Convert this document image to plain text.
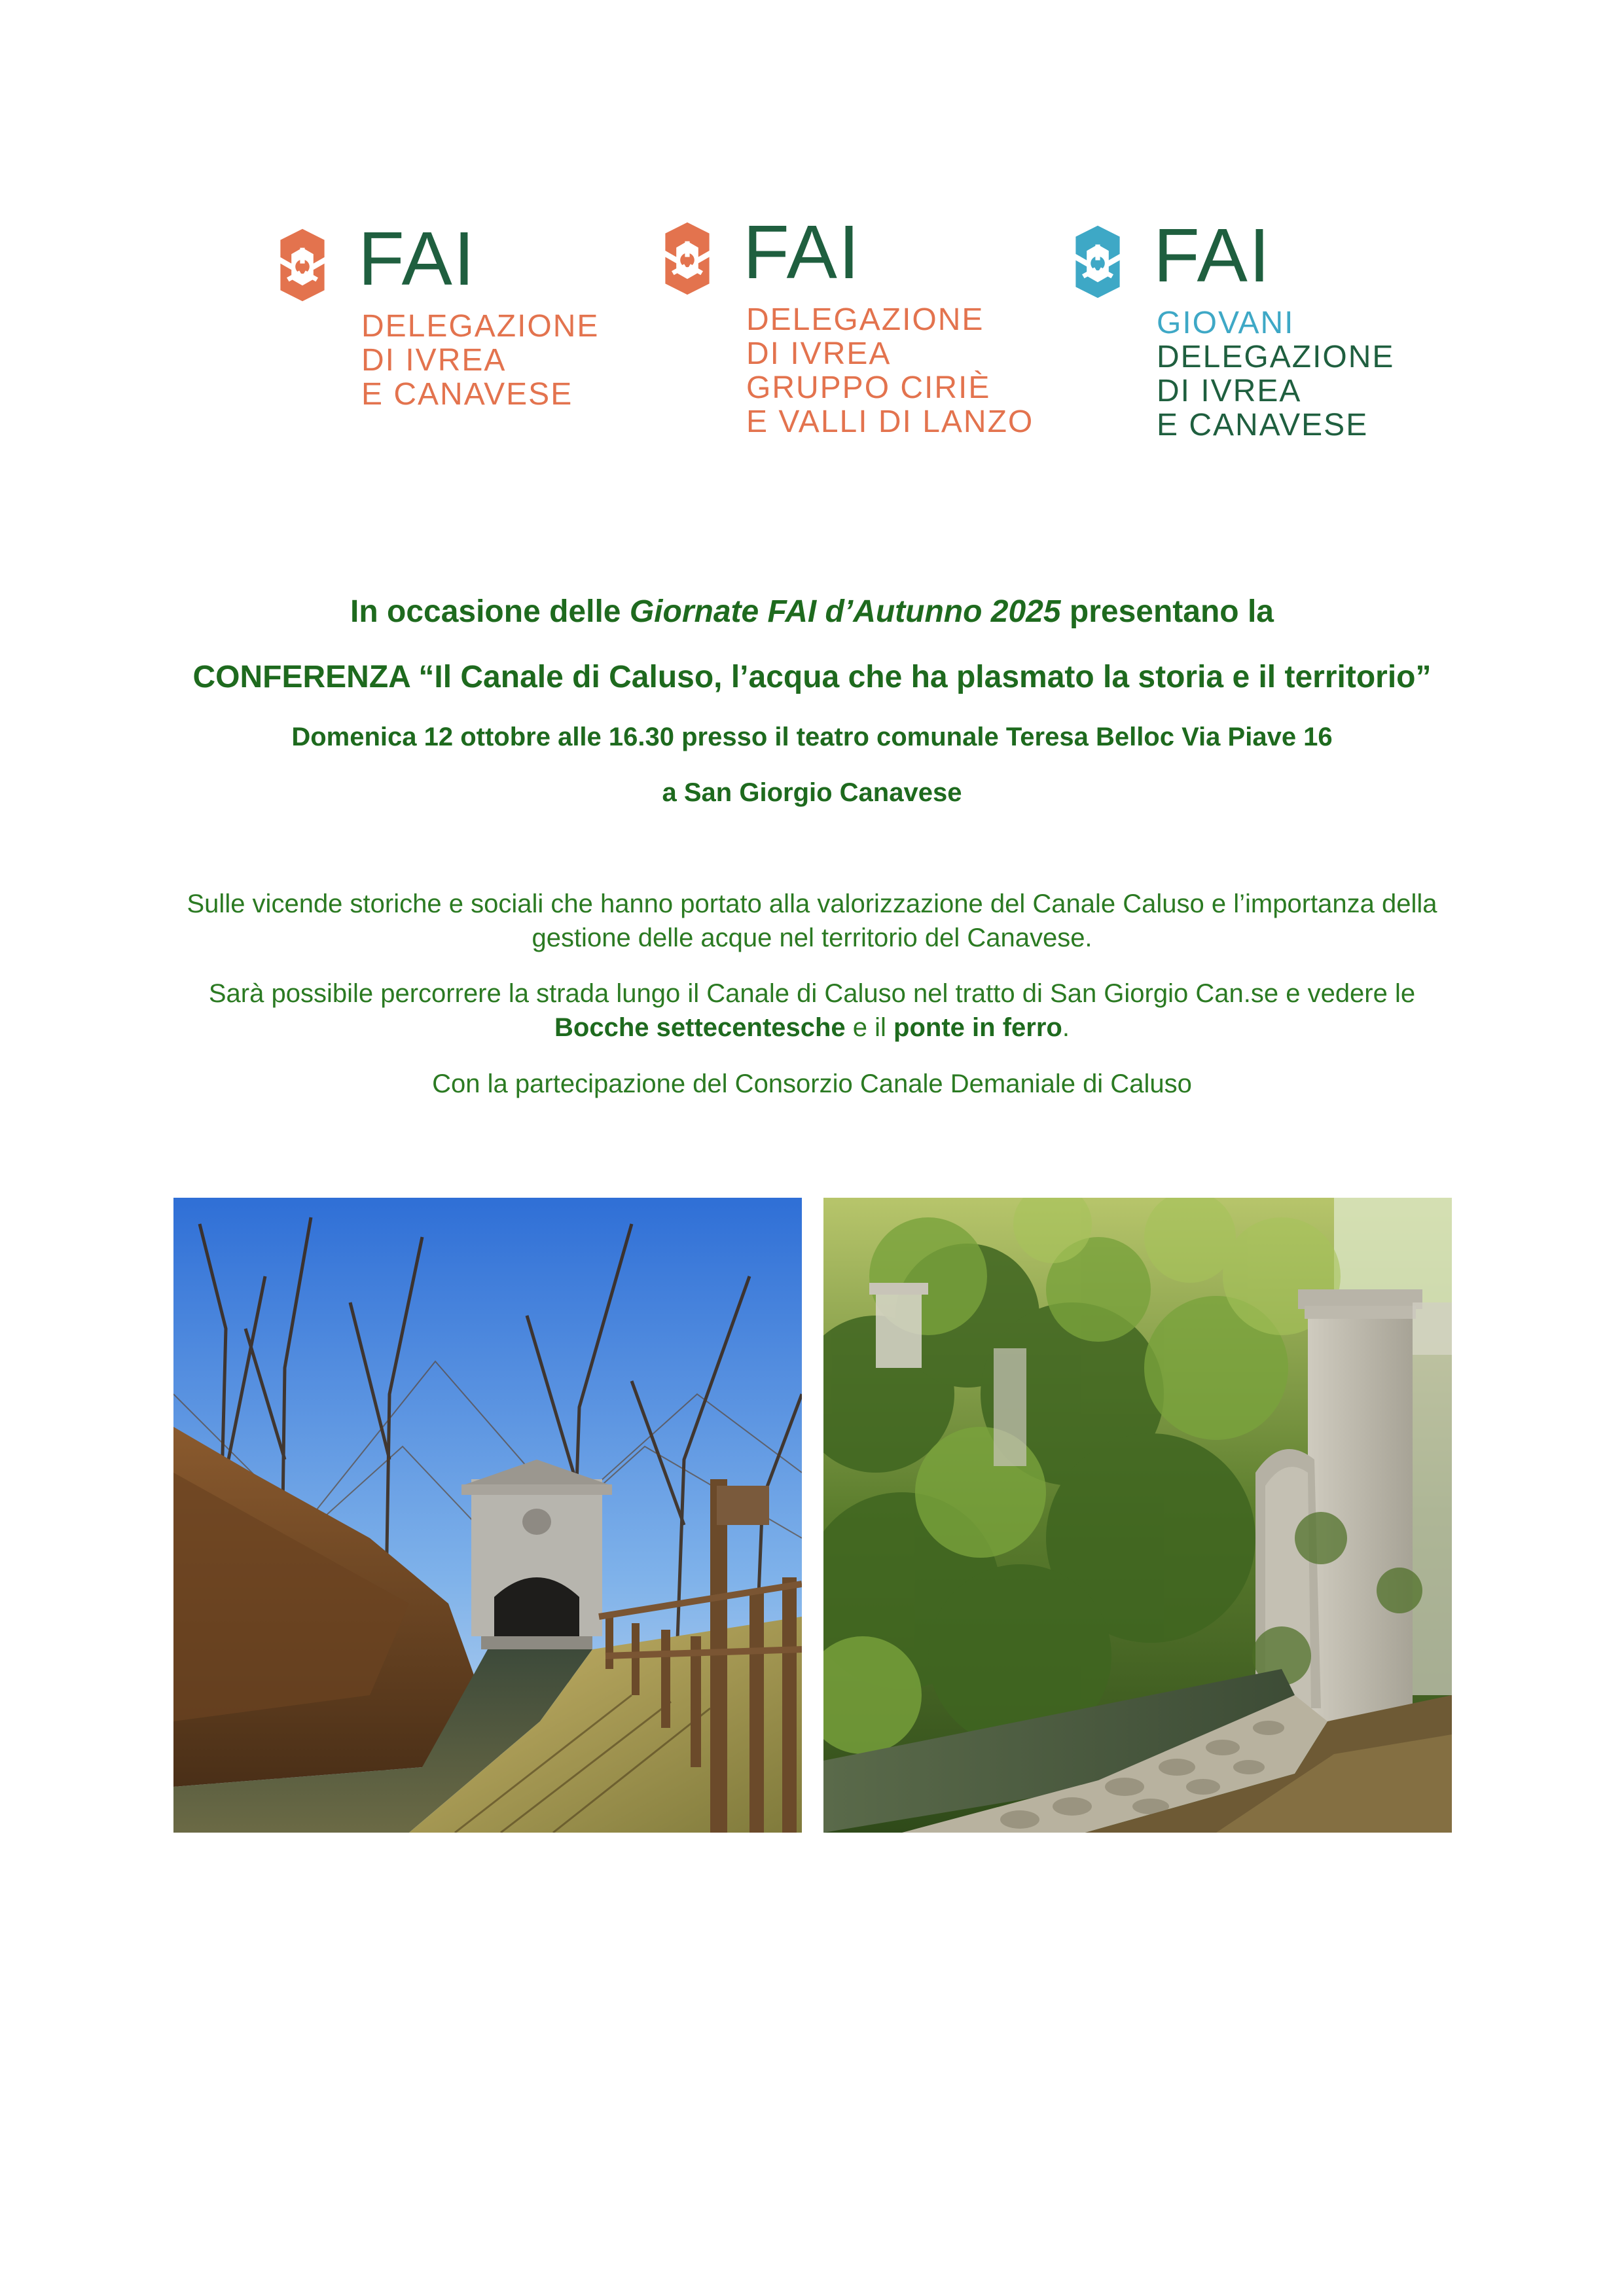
FAI
DELEGAZIONE
DI IVREA
E CANAVESE
FAI
DELEGAZIONE
DI IVREA
GRUPPO CIRIÈ
E VALLI DI LANZO
FAI
GIOVANI
DELEGAZIONE
DI IVREA
E CANAVESE
In occasione delle Giornate FAI d’Autunno 2025 presentano la
CONFERENZA “Il Canale di Caluso, l’acqua che ha plasmato la storia e il territorio”
Domenica 12 ottobre alle 16.30 presso il teatro comunale Teresa Belloc Via Piave 16
a San Giorgio Canavese
Sulle vicende storiche e sociali che hanno portato alla valorizzazione del Canale Caluso e l’importanza della
gestione delle acque nel territorio del Canavese.
Sarà possibile percorrere la strada lungo il Canale di Caluso nel tratto di San Giorgio Can.se e vedere le
Bocche settecentesche e il ponte in ferro.
Con la partecipazione del Consorzio Canale Demaniale di Caluso
